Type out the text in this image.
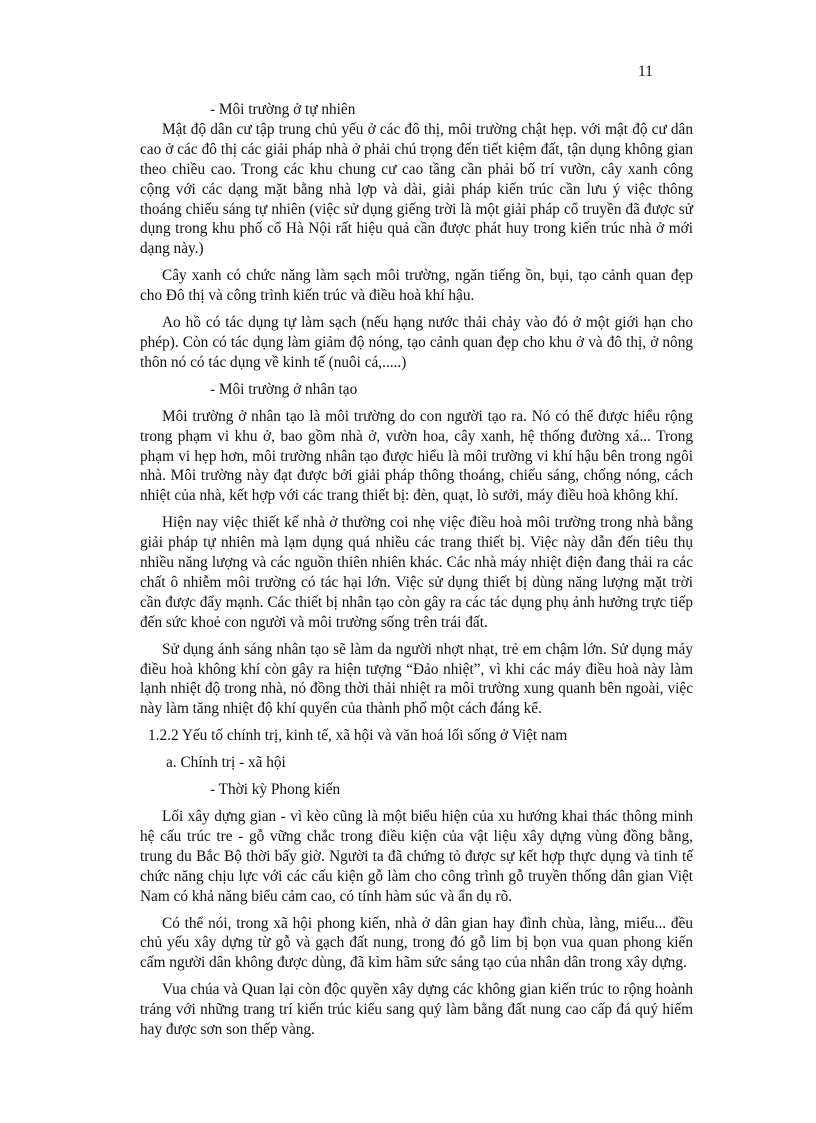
11

- Môi trường ở tự nhiên

Mật độ dân cư tập trung chủ yếu ở các đô thị, môi trường chật hẹp. với mật độ cư dân cao ở các đô thị các giải pháp nhà ở phải chú trọng đến tiết kiệm đất, tận dụng không gian theo chiều cao. Trong các khu chung cư cao tầng cần phải bố trí vườn, cây xanh công cộng với các dạng mặt bằng nhà lợp và dài, giải pháp kiến trúc cần lưu ý việc thông thoáng chiếu sáng tự nhiên (việc sử dụng giếng trời là một giải pháp cổ truyền đã được sử dụng trong khu phố cổ Hà Nội rất hiệu quả cần được phát huy trong kiến trúc nhà ở mới dạng này.)

Cây xanh có chức năng làm sạch môi trường, ngăn tiếng ồn, bụi, tạo cảnh quan đẹp cho Đô thị và công trình kiến trúc và điều hoà khí hậu.

Ao hồ có tác dụng tự làm sạch (nếu hạng nước thải chảy vào đó ở một giới hạn cho phép). Còn có tác dụng làm giảm độ nóng, tạo cảnh quan đẹp cho khu ở và đô thị, ở nông thôn nó có tác dụng về kinh tế (nuôi cá,.....)

- Môi trường ở nhân tạo

Môi trường ở nhân tạo là môi trường do con người tạo ra. Nó có thể được hiểu rộng trong phạm vi khu ở, bao gồm nhà ở, vườn hoa, cây xanh, hệ thống đường xá... Trong phạm vi hẹp hơn, môi trường nhân tạo được hiểu là môi trường vi khí hậu bên trong ngôi nhà. Môi trường này đạt được bởi giải pháp thông thoáng, chiếu sáng, chống nóng, cách nhiệt của nhà, kết hợp với các trang thiết bị: đèn, quạt, lò sưởi, máy điều hoà không khí.

Hiện nay việc thiết kế nhà ở thường coi nhẹ việc điều hoà môi trường trong nhà bằng giải pháp tự nhiên mà lạm dụng quá nhiều các trang thiết bị. Việc này dẫn đến tiêu thụ nhiều năng lượng và các nguồn thiên nhiên khác. Các nhà máy nhiệt điện đang thải ra các chất ô nhiễm môi trường có tác hại lớn. Việc sử dụng thiết bị dùng năng lượng mặt trời cần được đẩy mạnh. Các thiết bị nhân tạo còn gây ra các tác dụng phụ ảnh hưởng trực tiếp đến sức khoẻ con người và môi trường sống trên trái đất.

Sử dụng ánh sáng nhân tạo sẽ làm da người nhợt nhạt, trẻ em chậm lớn. Sử dụng máy điều hoà không khí còn gây ra hiện tượng “Đảo nhiệt”, vì khi các máy điều hoà này làm lạnh nhiệt độ trong nhà, nó đồng thời thải nhiệt ra môi trường xung quanh bên ngoài, việc này làm tăng nhiệt độ khí quyển của thành phố một cách đáng kể.

1.2.2 Yếu tố chính trị, kinh tế, xã hội và văn hoá lối sống ở Việt nam

a. Chính trị - xã hội

- Thời kỳ Phong kiến

Lối xây dựng gian - vì kèo cũng là một biểu hiện của xu hướng khai thác thông minh hệ cấu trúc tre - gỗ vững chắc trong điều kiện của vật liệu xây dựng vùng đồng bằng, trung du Bắc Bộ thời bấy giờ. Người ta đã chứng tỏ được sự kết hợp thực dụng và tinh tế chức năng chịu lực với các cấu kiện gỗ làm cho công trình gỗ truyền thống dân gian Việt Nam có khả năng biểu cảm cao, có tính hàm súc và ẩn dụ rõ.

Có thể nói, trong xã hội phong kiến, nhà ở dân gian hay đình chùa, làng, miếu... đều chủ yếu xây dựng từ gỗ và gạch đất nung, trong đó gỗ lim bị bọn vua quan phong kiến cấm người dân không được dùng, đã kìm hãm sức sáng tạo của nhân dân trong xây dựng.

Vua chúa và Quan lại còn độc quyền xây dựng các không gian kiến trúc to rộng hoành tráng với những trang trí kiến trúc kiểu sang quý làm bằng đất nung cao cấp đá quý hiếm hay được sơn son thếp vàng.
